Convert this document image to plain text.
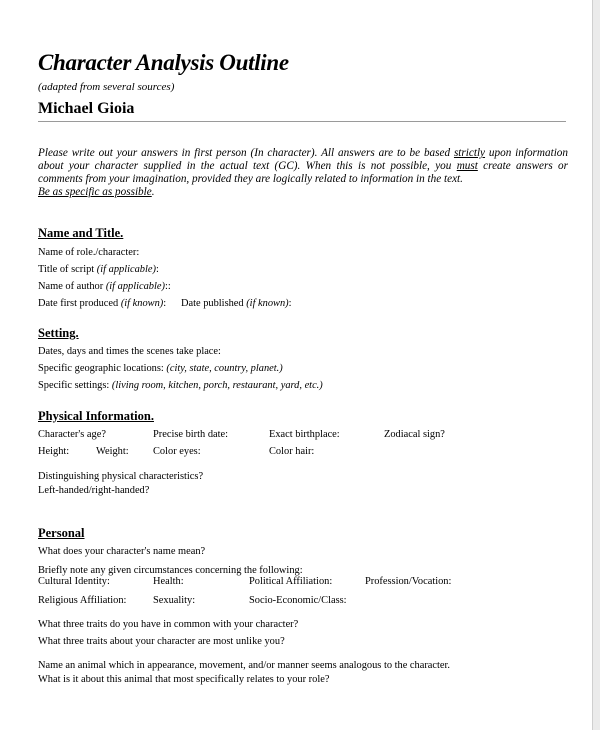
Character Analysis Outline
(adapted from several sources)
Michael Gioia
Please write out your answers in first person (In character). All answers are to be based strictly upon information about your character supplied in the actual text (GC). When this is not possible, you must create answers or comments from your imagination, provided they are logically related to information in the text.
Be as specific as possible.
Name and Title.
Name of role./character:
Title of script (if applicable):
Name of author (if applicable)::
Date first produced (if known): Date published (if known):
Setting.
Dates, days and times the scenes take place:
Specific geographic locations: (city, state, country, planet.)
Specific settings: (living room, kitchen, porch, restaurant, yard, etc.)
Physical Information.
Character's age?	Precise birth date:	Exact birthplace:	Zodiacal sign?
Height:	Weight: Color eyes:	Color hair:
Distinguishing physical characteristics?
Left-handed/right-handed?
Personal
What does your character's name mean?
Briefly note any given circumstances concerning the following:
Cultural Identity:	Health:	Political Affiliation:	Profession/Vocation:
Religious Affiliation:	Sexuality:	Socio-Economic/Class:
What three traits do you have in common with your character?
What three traits about your character are most unlike you?
Name an animal which in appearance, movement, and/or manner seems analogous to the character.
What is it about this animal that most specifically relates to your role?
